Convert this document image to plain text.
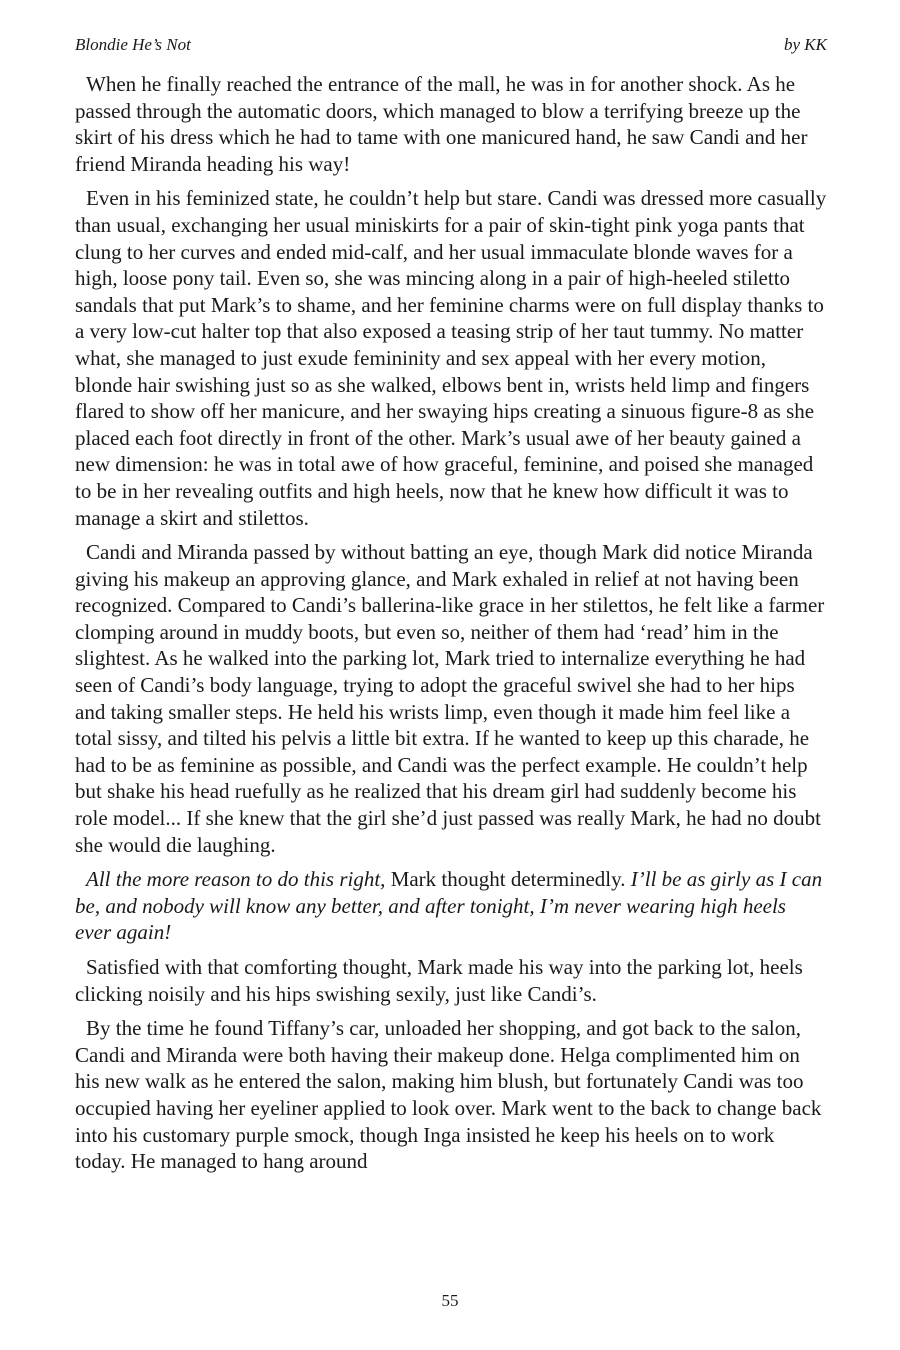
Blondie He’s Not	by KK

When he finally reached the entrance of the mall, he was in for another shock. As he passed through the automatic doors, which managed to blow a terrifying breeze up the skirt of his dress which he had to tame with one manicured hand, he saw Candi and her friend Miranda heading his way!

Even in his feminized state, he couldn’t help but stare. Candi was dressed more casually than usual, exchanging her usual miniskirts for a pair of skin-tight pink yoga pants that clung to her curves and ended mid-calf, and her usual immaculate blonde waves for a high, loose pony tail. Even so, she was mincing along in a pair of high-heeled stiletto sandals that put Mark’s to shame, and her feminine charms were on full display thanks to a very low-cut halter top that also exposed a teasing strip of her taut tummy. No matter what, she managed to just exude femininity and sex appeal with her every motion, blonde hair swishing just so as she walked, elbows bent in, wrists held limp and fingers flared to show off her manicure, and her swaying hips creating a sinuous figure-8 as she placed each foot directly in front of the other. Mark’s usual awe of her beauty gained a new dimension: he was in total awe of how graceful, feminine, and poised she managed to be in her revealing outfits and high heels, now that he knew how difficult it was to manage a skirt and stilettos.

Candi and Miranda passed by without batting an eye, though Mark did notice Miranda giving his makeup an approving glance, and Mark exhaled in relief at not having been recognized. Compared to Candi’s ballerina-like grace in her stilettos, he felt like a farmer clomping around in muddy boots, but even so, neither of them had ‘read’ him in the slightest. As he walked into the parking lot, Mark tried to internalize everything he had seen of Candi’s body language, trying to adopt the graceful swivel she had to her hips and taking smaller steps. He held his wrists limp, even though it made him feel like a total sissy, and tilted his pelvis a little bit extra. If he wanted to keep up this charade, he had to be as feminine as possible, and Candi was the perfect example. He couldn’t help but shake his head ruefully as he realized that his dream girl had suddenly become his role model... If she knew that the girl she’d just passed was really Mark, he had no doubt she would die laughing.

All the more reason to do this right, Mark thought determinedly. I’ll be as girly as I can be, and nobody will know any better, and after tonight, I’m never wearing high heels ever again!

Satisfied with that comforting thought, Mark made his way into the parking lot, heels clicking noisily and his hips swishing sexily, just like Candi’s.

By the time he found Tiffany’s car, unloaded her shopping, and got back to the salon, Candi and Miranda were both having their makeup done. Helga complimented him on his new walk as he entered the salon, making him blush, but fortunately Candi was too occupied having her eyeliner applied to look over. Mark went to the back to change back into his customary purple smock, though Inga insisted he keep his heels on to work today. He managed to hang around

55
